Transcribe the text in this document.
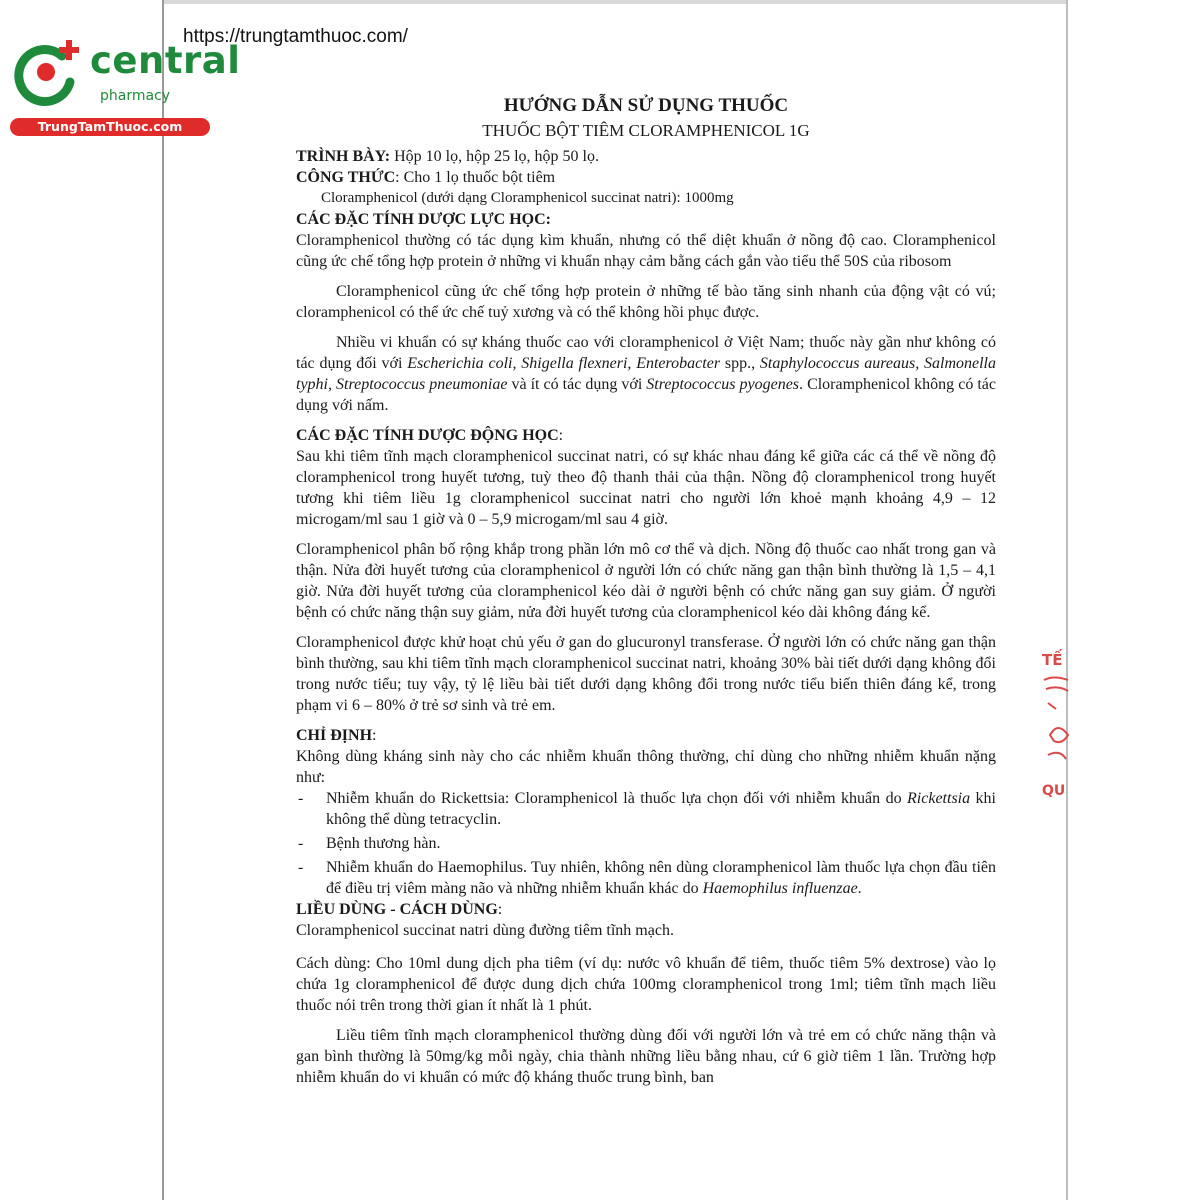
central
pharmacy
TrungTamThuoc.com
https://trungtamthuoc.com/
HƯỚNG DẪN SỬ DỤNG THUỐC
THUỐC BỘT TIÊM CLORAMPHENICOL 1G

TRÌNH BÀY: Hộp 10 lọ, hộp 25 lọ, hộp 50 lọ.

CÔNG THỨC: Cho 1 lọ thuốc bột tiêm

Cloramphenicol (dưới dạng Cloramphenicol succinat natri): 1000mg

CÁC ĐẶC TÍNH DƯỢC LỰC HỌC:

Cloramphenicol thường có tác dụng kìm khuẩn, nhưng có thể diệt khuẩn ở nồng độ cao. Cloramphenicol cũng ức chế tổng hợp protein ở những vi khuẩn nhạy cảm bằng cách gắn vào tiểu thể 50S của ribosom

Cloramphenicol cũng ức chế tổng hợp protein ở những tế bào tăng sinh nhanh của động vật có vú; cloramphenicol có thể ức chế tuỷ xương và có thể không hồi phục được.

Nhiều vi khuẩn có sự kháng thuốc cao với cloramphenicol ở Việt Nam; thuốc này gần như không có tác dụng đối với Escherichia coli, Shigella flexneri, Enterobacter spp., Staphylococcus aureaus, Salmonella typhi, Streptococcus pneumoniae và ít có tác dụng với Streptococcus pyogenes. Cloramphenicol không có tác dụng với nấm.

CÁC ĐẶC TÍNH DƯỢC ĐỘNG HỌC:

Sau khi tiêm tĩnh mạch cloramphenicol succinat natri, có sự khác nhau đáng kể giữa các cá thể về nồng độ cloramphenicol trong huyết tương, tuỳ theo độ thanh thải của thận. Nồng độ cloramphenicol trong huyết tương khi tiêm liều 1g cloramphenicol succinat natri cho người lớn khoẻ mạnh khoảng 4,9 – 12 microgam/ml sau 1 giờ và 0 – 5,9 microgam/ml sau 4 giờ.

Cloramphenicol phân bố rộng khắp trong phần lớn mô cơ thể và dịch. Nồng độ thuốc cao nhất trong gan và thận. Nửa đời huyết tương của cloramphenicol ở người lớn có chức năng gan thận bình thường là 1,5 – 4,1 giờ. Nửa đời huyết tương của cloramphenicol kéo dài ở người bệnh có chức năng gan suy giảm. Ở người bệnh có chức năng thận suy giảm, nửa đời huyết tương của cloramphenicol kéo dài không đáng kể.

Cloramphenicol được khử hoạt chủ yếu ở gan do glucuronyl transferase. Ở người lớn có chức năng gan thận bình thường, sau khi tiêm tĩnh mạch cloramphenicol succinat natri, khoảng 30% bài tiết dưới dạng không đổi trong nước tiểu; tuy vậy, tỷ lệ liều bài tiết dưới dạng không đổi trong nước tiểu biến thiên đáng kể, trong phạm vi 6 – 80% ở trẻ sơ sinh và trẻ em.

CHỈ ĐỊNH:

Không dùng kháng sinh này cho các nhiễm khuẩn thông thường, chỉ dùng cho những nhiễm khuẩn nặng như:

- Nhiễm khuẩn do Rickettsia: Cloramphenicol là thuốc lựa chọn đối với nhiễm khuẩn do Rickettsia khi không thể dùng tetracyclin.
- Bệnh thương hàn.
- Nhiễm khuẩn do Haemophilus. Tuy nhiên, không nên dùng cloramphenicol làm thuốc lựa chọn đầu tiên để điều trị viêm màng não và những nhiễm khuẩn khác do Haemophilus influenzae.

LIỀU DÙNG - CÁCH DÙNG:

Cloramphenicol succinat natri dùng đường tiêm tĩnh mạch.

Cách dùng: Cho 10ml dung dịch pha tiêm (ví dụ: nước vô khuẩn để tiêm, thuốc tiêm 5% dextrose) vào lọ chứa 1g cloramphenicol để được dung dịch chứa 100mg cloramphenicol trong 1ml; tiêm tĩnh mạch liều thuốc nói trên trong thời gian ít nhất là 1 phút.

Liều tiêm tĩnh mạch cloramphenicol thường dùng đối với người lớn và trẻ em có chức năng thận và gan bình thường là 50mg/kg mỗi ngày, chia thành những liều bằng nhau, cứ 6 giờ tiêm 1 lần. Trường hợp nhiễm khuẩn do vi khuẩn có mức độ kháng thuốc trung bình, ban

TẾ
QU
